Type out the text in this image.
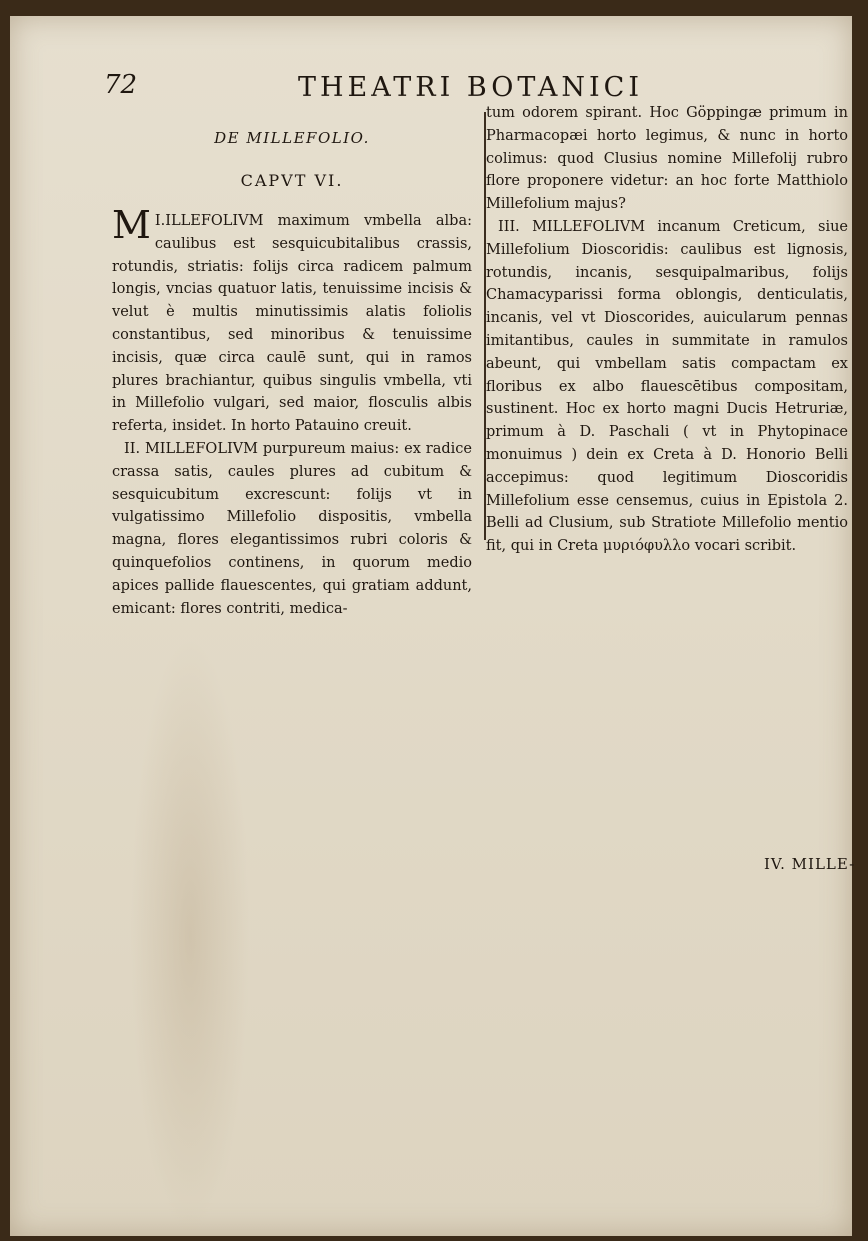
72	THEATRI BOTANICI

DE MILLEFOLIO.

CAPVT VI.

I.
M ILLEFOLIVM maximum vmbella alba: caulibus est sesquicubitalibus crassis, rotundis, striatis: folijs circa radicem palmum longis, vncias quatuor latis, tenuissime incisis & velut è multis minutissimis alatis foliolis constantibus, sed minoribus & tenuissime incisis, quæ circa caulē sunt, qui in ramos plures brachiantur, quibus singulis vmbella, vti in Millefolio vulgari, sed maior, flosculis albis referta, insidet. In horto Patauino creuit.

II. MILLEFOLIVM purpureum maius: ex radice crassa satis, caules plures ad cubitum & sesquicubitum excrescunt: folijs vt in vulgatissimo Millefolio dispositis, vmbella magna, flores elegantissimos rubri coloris & quinquefolios continens, in quorum medio apices pallide flauescentes, qui gratiam addunt, emicant: flores contriti, medica-

tum odorem spirant. Hoc Göppingæ primum in Pharmacopæi horto legimus, & nunc in horto colimus: quod Clusius nomine Millefolij rubro flore proponere videtur: an hoc forte Matthiolo Millefolium majus?

III. MILLEFOLIVM incanum Creticum, siue Millefolium Dioscoridis: caulibus est lignosis, rotundis, incanis, sesquipalmaribus, folijs Chamacyparissi forma oblongis, denticulatis, incanis, vel vt Dioscorides, auicularum pennas imitantibus, caules in summitate in ramulos abeunt, qui vmbellam satis compactam ex floribus ex albo flauescētibus compositam, sustinent. Hoc ex horto magni Ducis Hetruriæ, primum à D. Paschali ( vt in Phytopinace monuimus ) dein ex Creta à D. Honorio Belli accepimus: quod legitimum Dioscoridis Millefolium esse censemus, cuius in Epistola 2. Belli ad Clusium, sub Stratiote Millefolio mentio fit, qui in Creta μυριόφυλλο vocari scribit.

IV. MILLE-
